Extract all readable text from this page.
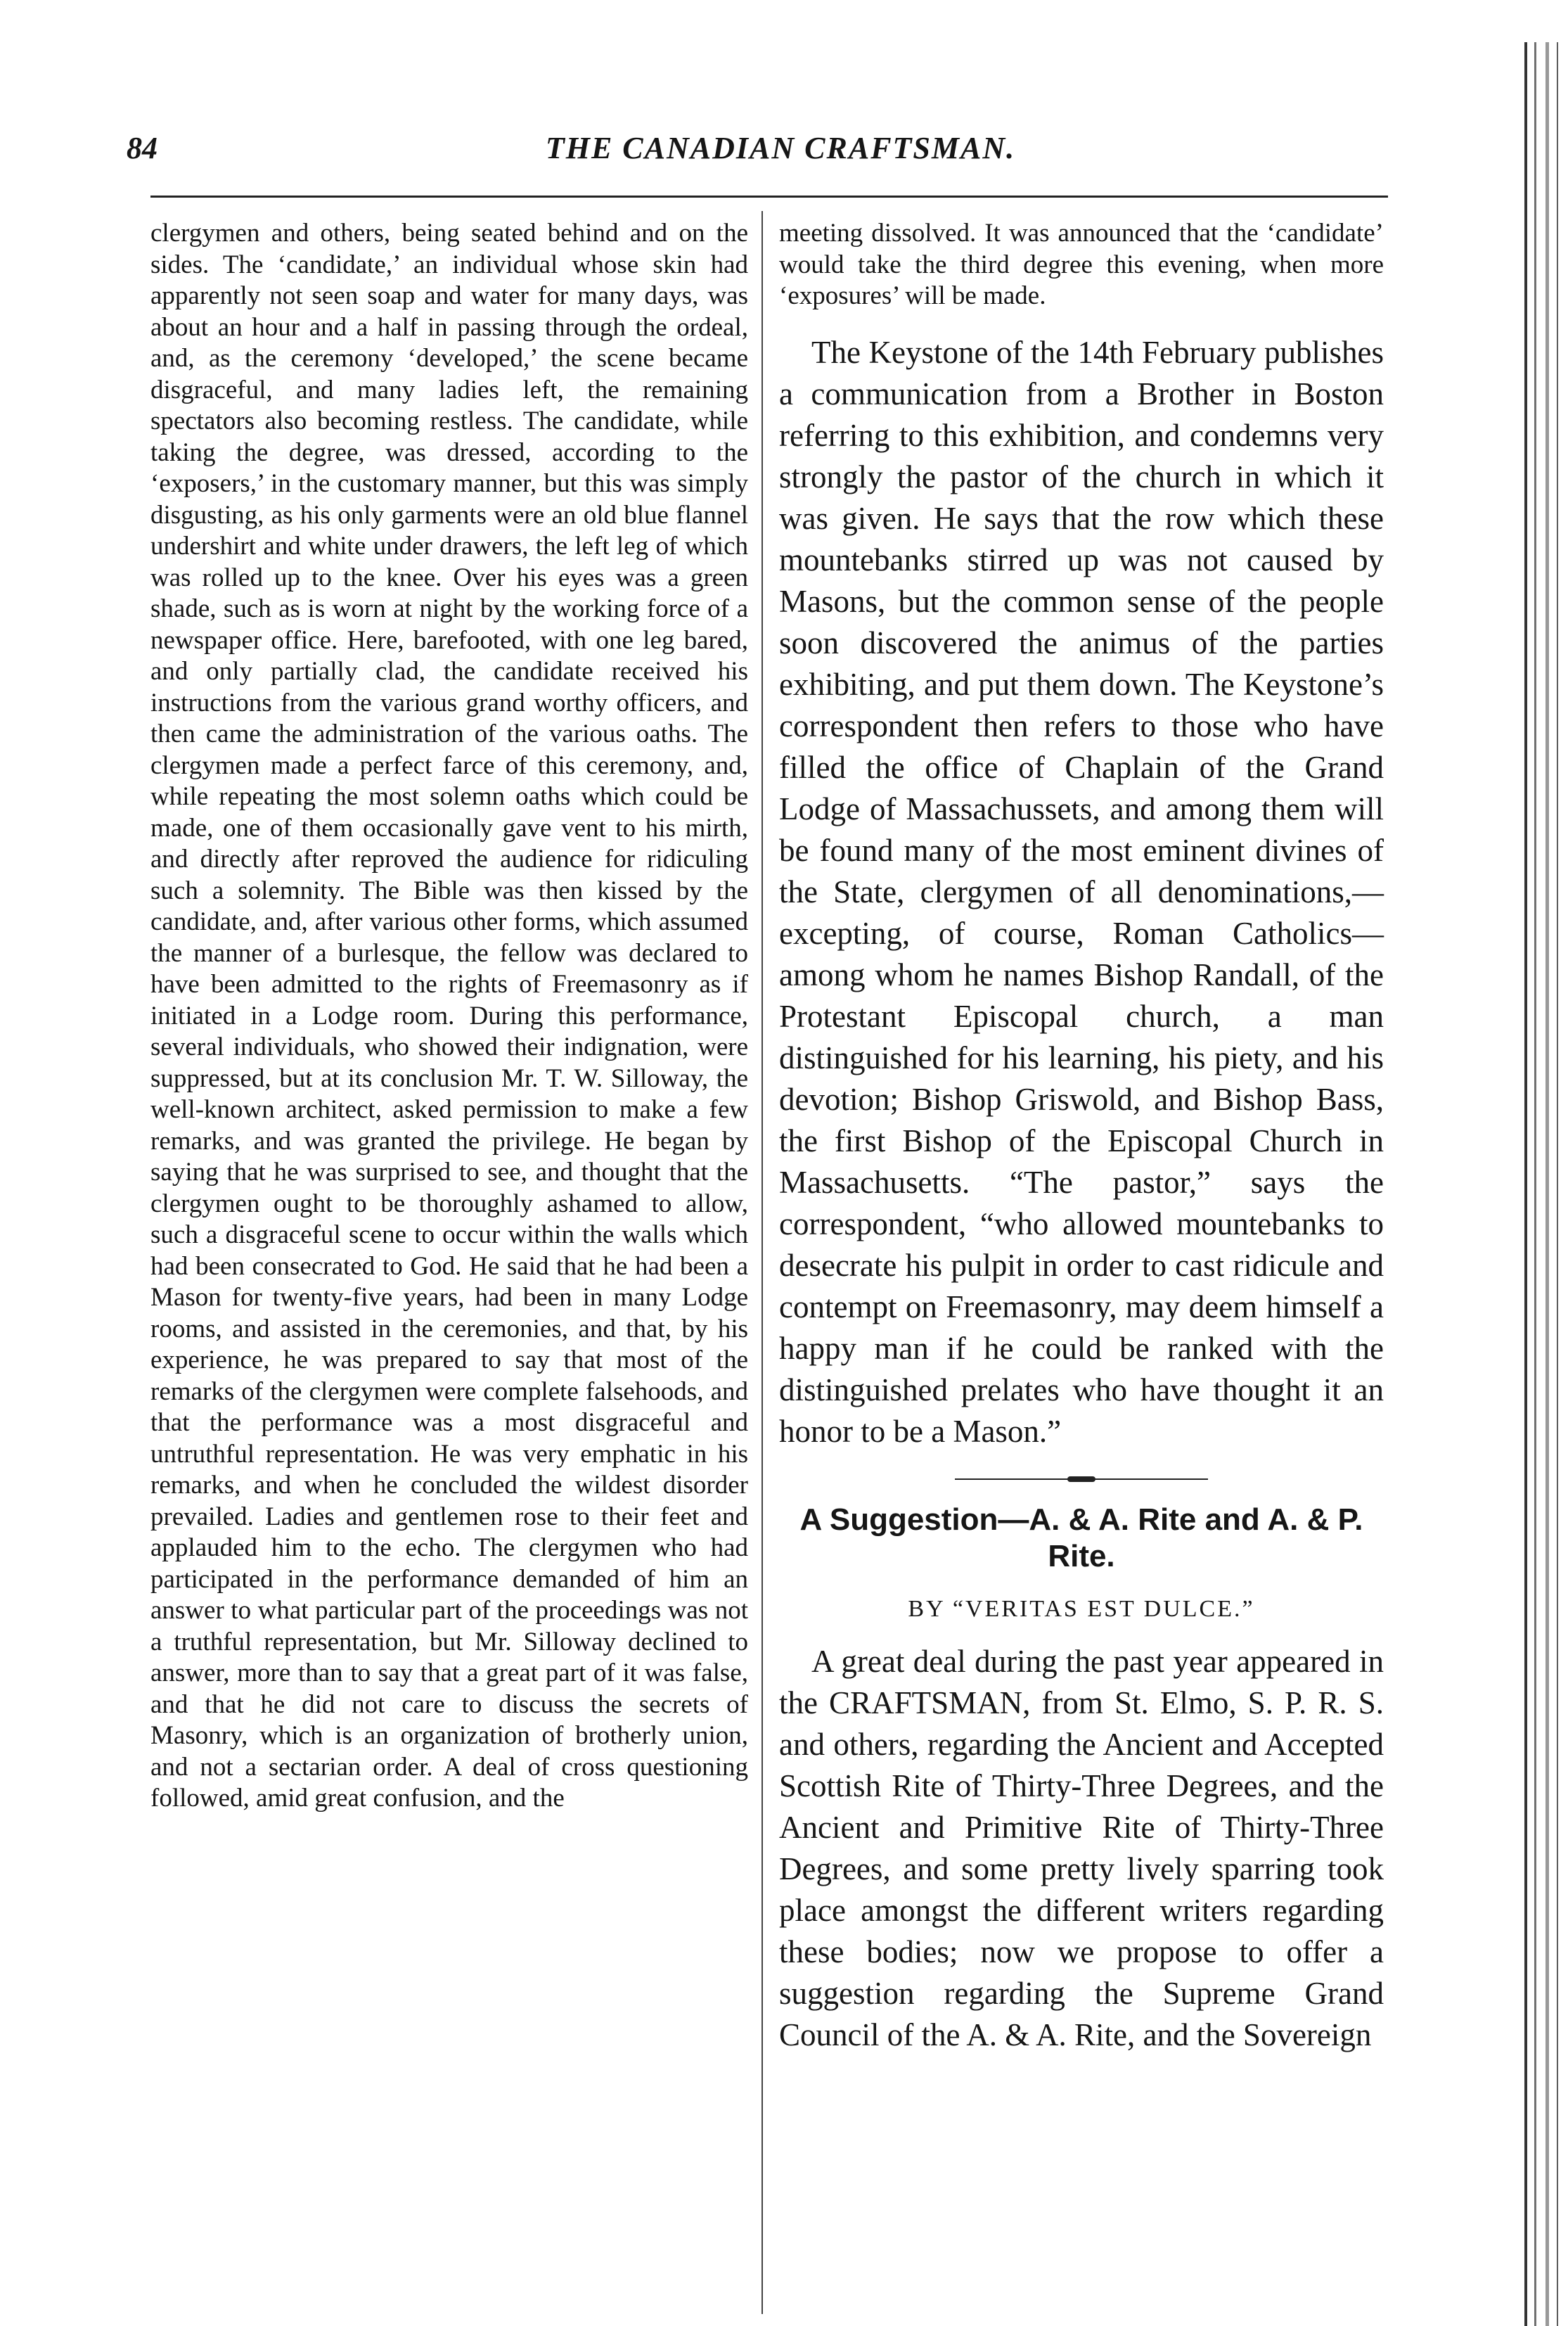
84	THE CANADIAN CRAFTSMAN.

clergymen and others, being seated behind and on the sides. The ‘candidate,’ an individual whose skin had apparently not seen soap and water for many days, was about an hour and a half in passing through the ordeal, and, as the ceremony ‘developed,’ the scene became disgraceful, and many ladies left, the remaining spectators also becoming restless. The candidate, while taking the degree, was dressed, according to the ‘exposers,’ in the customary manner, but this was simply disgusting, as his only garments were an old blue flannel undershirt and white under drawers, the left leg of which was rolled up to the knee. Over his eyes was a green shade, such as is worn at night by the working force of a newspaper office. Here, barefooted, with one leg bared, and only partially clad, the candidate received his instructions from the various grand worthy officers, and then came the administration of the various oaths. The clergymen made a perfect farce of this ceremony, and, while repeating the most solemn oaths which could be made, one of them occasionally gave vent to his mirth, and directly after reproved the audience for ridiculing such a solemnity. The Bible was then kissed by the candidate, and, after various other forms, which assumed the manner of a burlesque, the fellow was declared to have been admitted to the rights of Freemasonry as if initiated in a Lodge room. During this performance, several individuals, who showed their indignation, were suppressed, but at its conclusion Mr. T. W. Silloway, the well-known architect, asked permission to make a few remarks, and was granted the privilege. He began by saying that he was surprised to see, and thought that the clergymen ought to be thoroughly ashamed to allow, such a disgraceful scene to occur within the walls which had been consecrated to God. He said that he had been a Mason for twenty-five years, had been in many Lodge rooms, and assisted in the ceremonies, and that, by his experience, he was prepared to say that most of the remarks of the clergymen were complete falsehoods, and that the performance was a most disgraceful and untruthful representation. He was very emphatic in his remarks, and when he concluded the wildest disorder prevailed. Ladies and gentlemen rose to their feet and applauded him to the echo. The clergymen who had participated in the performance demanded of him an answer to what particular part of the proceedings was not a truthful representation, but Mr. Silloway declined to answer, more than to say that a great part of it was false, and that he did not care to discuss the secrets of Masonry, which is an organization of brotherly union, and not a sectarian order. A deal of cross questioning followed, amid great confusion, and the

meeting dissolved. It was announced that the ‘candidate’ would take the third degree this evening, when more ‘exposures’ will be made.

The Keystone of the 14th February publishes a communication from a Brother in Boston referring to this exhibition, and condemns very strongly the pastor of the church in which it was given. He says that the row which these mountebanks stirred up was not caused by Masons, but the common sense of the people soon discovered the animus of the parties exhibiting, and put them down. The Keystone’s correspondent then refers to those who have filled the office of Chaplain of the Grand Lodge of Massachussets, and among them will be found many of the most eminent divines of the State, clergymen of all denominations,—excepting, of course, Roman Catholics—among whom he names Bishop Randall, of the Protestant Episcopal church, a man distinguished for his learning, his piety, and his devotion; Bishop Griswold, and Bishop Bass, the first Bishop of the Episcopal Church in Massachusetts. “The pastor,” says the correspondent, “who allowed mountebanks to desecrate his pulpit in order to cast ridicule and contempt on Freemasonry, may deem himself a happy man if he could be ranked with the distinguished prelates who have thought it an honor to be a Mason.”

A Suggestion—A. & A. Rite and A. & P. Rite.
BY “VERITAS EST DULCE.”

A great deal during the past year appeared in the CRAFTSMAN, from St. Elmo, S. P. R. S. and others, regarding the Ancient and Accepted Scottish Rite of Thirty-Three Degrees, and the Ancient and Primitive Rite of Thirty-Three Degrees, and some pretty lively sparring took place amongst the different writers regarding these bodies; now we propose to offer a suggestion regarding the Supreme Grand Council of the A. & A. Rite, and the Sovereign
